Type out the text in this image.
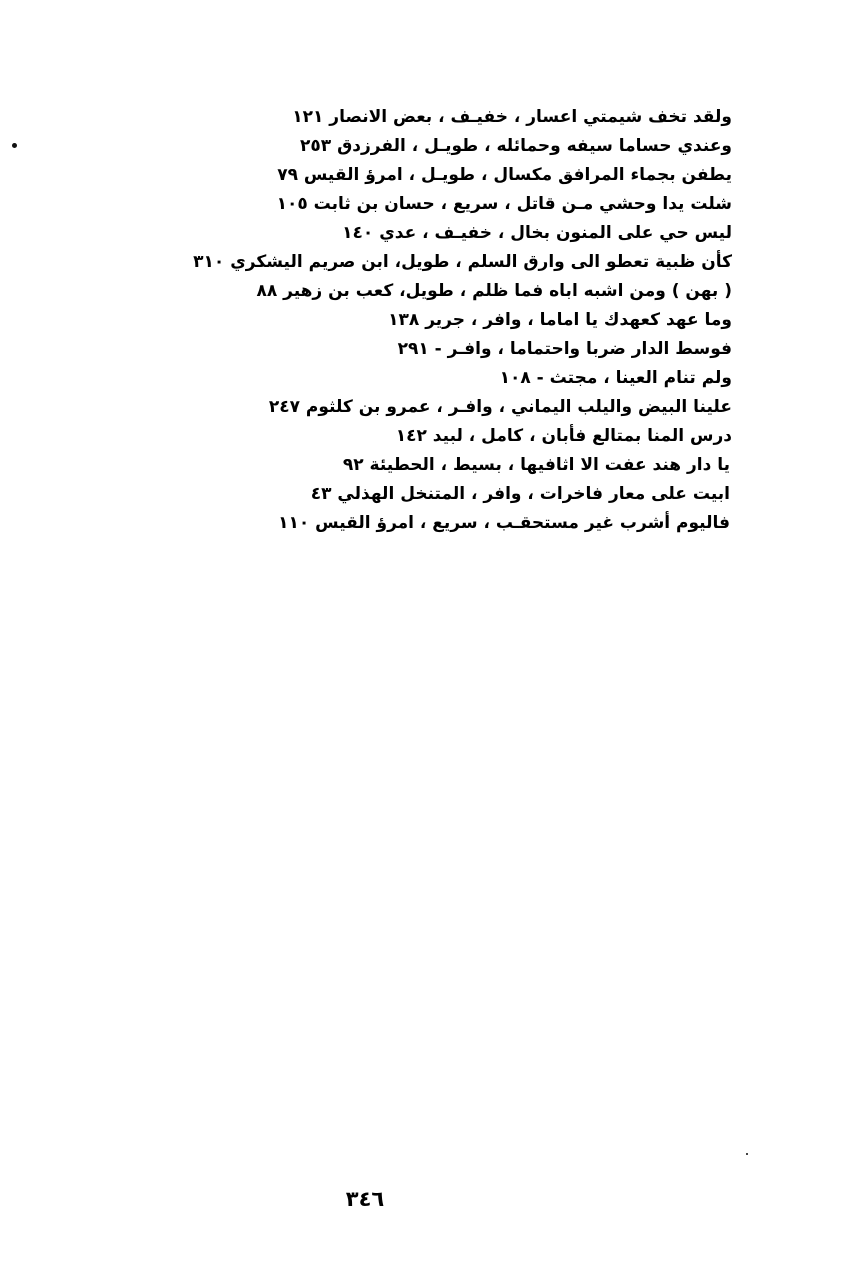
ولقد تخف شيمتي اعسار ، خفيـف ، بعض الانصار ١٢١
وعندي حساما سيفه وحمائله ، طويـل ، الفرزدق ٢٥٣
يطفن بجماء المرافق مكسال ، طويـل ، امرؤ القيس ٧٩
شلت يدا وحشي مـن قاتل ، سريع ، حسان بن ثابت ١٠٥
ليس حي على المنون بخال ، خفيـف ، عدي ١٤٠
كأن ظبية تعطو الى وارق السلم ، طويل، ابن صريم اليشكري ٣١٠
( بهن ) ومن اشبه اباه فما ظلم ، طويل، كعب بن زهير ٨٨
وما عهد كعهدك يا اماما ، وافر ، جرير ١٣٨
فوسط الدار ضربا واحتماما ، وافـر - ٢٩١
ولم تنام العينا ، مجتث - ١٠٨
علينا البيض واليلب اليماني ، وافـر ، عمرو بن كلثوم ٢٤٧
درس المنا بمتالع فأبان ، كامل ، لبيد ١٤٢
يا دار هند عفت الا اثافيها ، بسيط ، الحطيئة ٩٢
ابيت على معار فاخرات ، وافر ، المتنخل الهذلي ٤٣
فاليوم أشرب غير مستحقـب ، سريع ، امرؤ القيس ١١٠
٣٤٦
